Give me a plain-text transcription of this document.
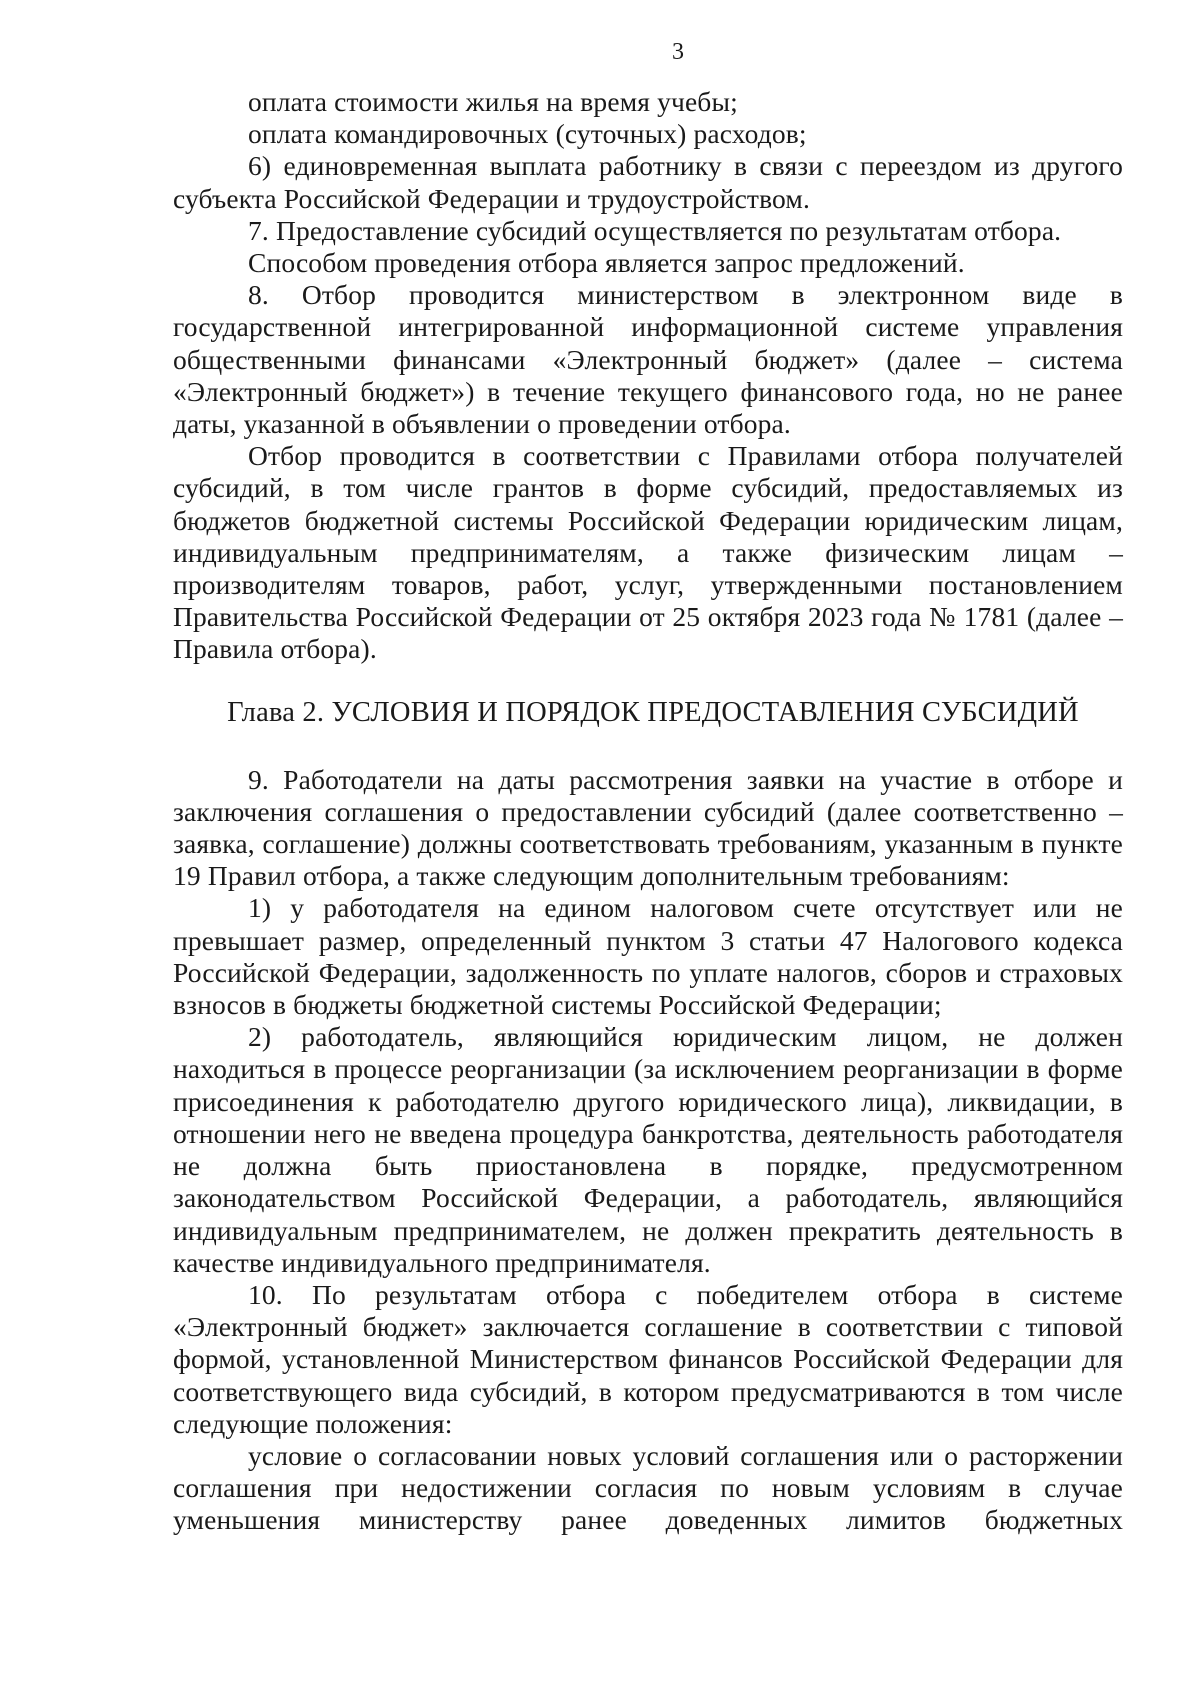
3

оплата стоимости жилья на время учебы;

оплата командировочных (суточных) расходов;

6) единовременная выплата работнику в связи с переездом из другого субъекта Российской Федерации и трудоустройством.

7. Предоставление субсидий осуществляется по результатам отбора.

Способом проведения отбора является запрос предложений.

8. Отбор проводится министерством в электронном виде в государственной интегрированной информационной системе управления общественными финансами «Электронный бюджет» (далее – система «Электронный бюджет») в течение текущего финансового года, но не ранее даты, указанной в объявлении о проведении отбора.

Отбор проводится в соответствии с Правилами отбора получателей субсидий, в том числе грантов в форме субсидий, предоставляемых из бюджетов бюджетной системы Российской Федерации юридическим лицам, индивидуальным предпринимателям, а также физическим лицам – производителям товаров, работ, услуг, утвержденными постановлением Правительства Российской Федерации от 25 октября 2023 года № 1781 (далее – Правила отбора).

Глава 2. УСЛОВИЯ И ПОРЯДОК ПРЕДОСТАВЛЕНИЯ СУБСИДИЙ

9. Работодатели на даты рассмотрения заявки на участие в отборе и заключения соглашения о предоставлении субсидий (далее соответственно – заявка, соглашение) должны соответствовать требованиям, указанным в пункте 19 Правил отбора, а также следующим дополнительным требованиям:

1) у работодателя на едином налоговом счете отсутствует или не превышает размер, определенный пунктом 3 статьи 47 Налогового кодекса Российской Федерации, задолженность по уплате налогов, сборов и страховых взносов в бюджеты бюджетной системы Российской Федерации;

2) работодатель, являющийся юридическим лицом, не должен находиться в процессе реорганизации (за исключением реорганизации в форме присоединения к работодателю другого юридического лица), ликвидации, в отношении него не введена процедура банкротства, деятельность работодателя не должна быть приостановлена в порядке, предусмотренном законодательством Российской Федерации, а работодатель, являющийся индивидуальным предпринимателем, не должен прекратить деятельность в качестве индивидуального предпринимателя.

10. По результатам отбора с победителем отбора в системе «Электронный бюджет» заключается соглашение в соответствии с типовой формой, установленной Министерством финансов Российской Федерации для соответствующего вида субсидий, в котором предусматриваются в том числе следующие положения:

условие о согласовании новых условий соглашения или о расторжении соглашения при недостижении согласия по новым условиям в случае уменьшения министерству ранее доведенных лимитов бюджетных
